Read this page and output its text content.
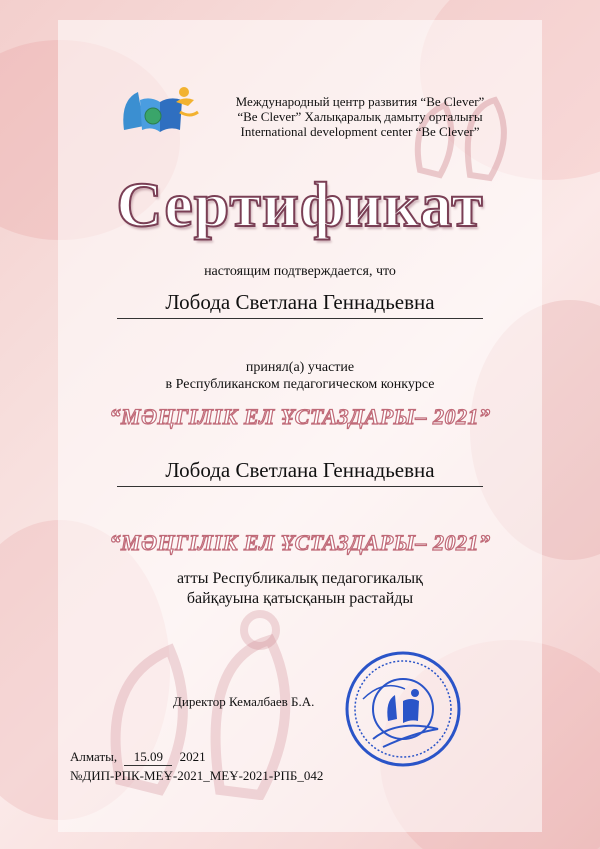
Международный центр развития “Be Clever”
“Be Clever” Халықаралық дамыту орталығы
International development center “Be Clever”
Сертификат
настоящим подтверждается, что
Лобода Светлана Геннадьевна
принял(а) участие
в Республиканском педагогическом конкурсе
“МӘҢГІЛІК ЕЛ ҰСТАЗДАРЫ– 2021”
Лобода Светлана Геннадьевна
“МӘҢГІЛІК ЕЛ ҰСТАЗДАРЫ– 2021”
атты Республикалық педагогикалық
байқауына қатысқанын растайды
Директор Кемалбаев Б.А.
Алматы, 15.09 2021
№ДИП-РПК-МЕҰ-2021_МЕҰ-2021-РПБ_042
